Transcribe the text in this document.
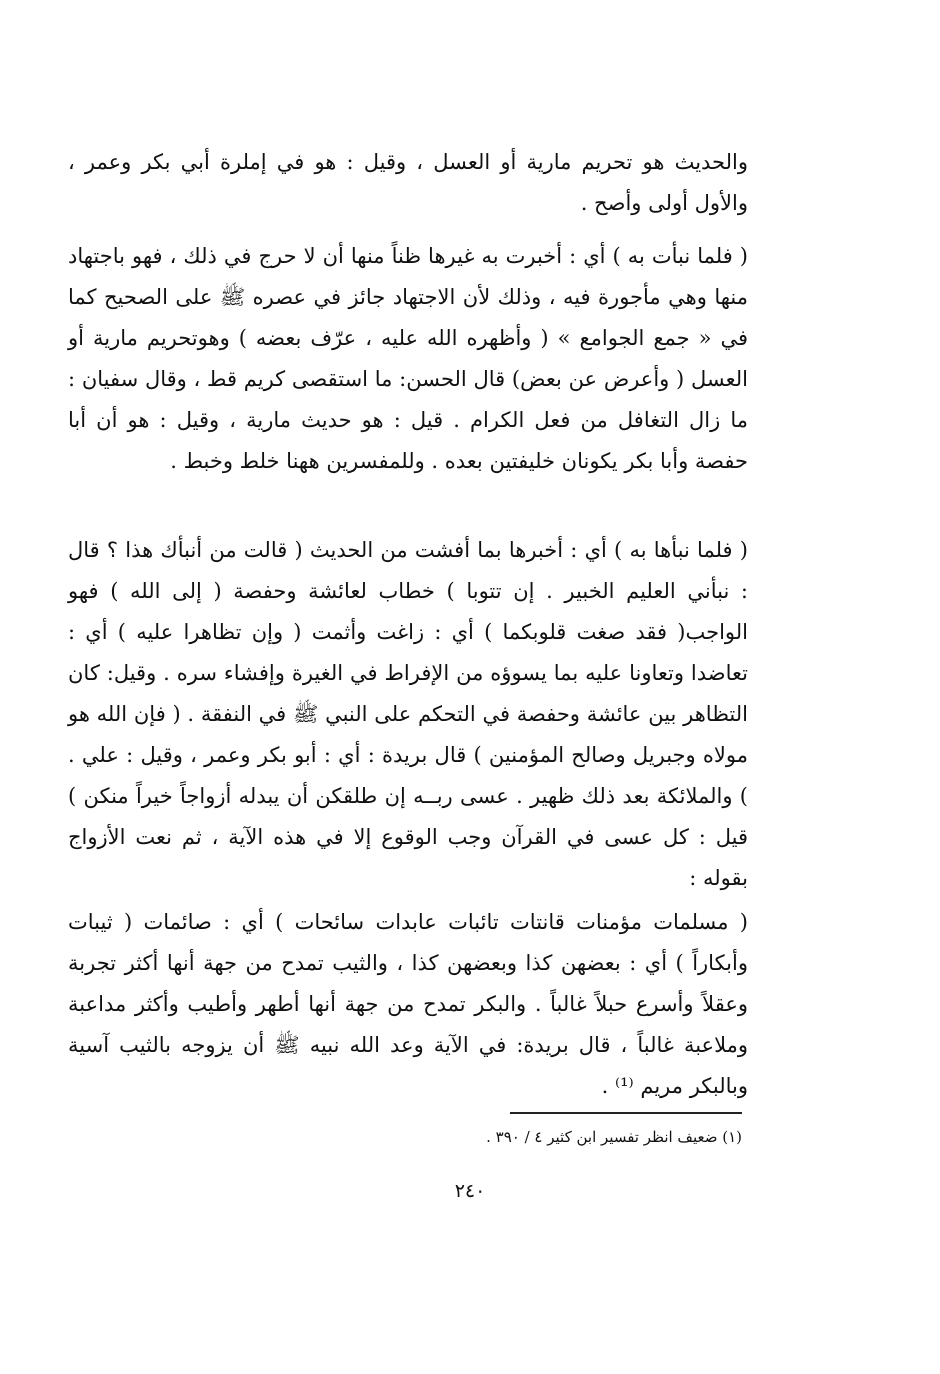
والحديث هو تحريم مارية أو العسل ، وقيل : هو في إملرة أبي بكر وعمر ، والأول أولى وأصح .

( فلما نبأت به ) أي : أخبرت به غيرها ظناً منها أن لا حرج في ذلك ، فهو باجتهاد منها وهي مأجورة فيه ، وذلك لأن الاجتهاد جائز في عصره ﷺ على الصحيح كما في « جمع الجوامع » ( وأظهره الله عليه ، عرّف بعضه ) وهوتحريم مارية أو العسل ( وأعرض عن بعض) قال الحسن: ما استقصى كريم قط ، وقال سفيان : ما زال التغافل من فعل الكرام . قيل : هو حديث مارية ، وقيل : هو أن أبا حفصة وأبا بكر يكونان خليفتين بعده . وللمفسرين ههنا خلط وخبط .

( فلما نبأها به ) أي : أخبرها بما أفشت من الحديث ( قالت من أنبأك هذا ؟ قال : نبأني العليم الخبير . إن تتوبا ) خطاب لعائشة وحفصة ( إلى الله ) فهو الواجب( فقد صغت قلوبكما ) أي : زاغت وأثمت ( وإن تظاهرا عليه ) أي : تعاضدا وتعاونا عليه بما يسوؤه من الإفراط في الغيرة وإفشاء سره . وقيل: كان التظاهر بين عائشة وحفصة في التحكم على النبي ﷺ في النفقة . ( فإن الله هو مولاه وجبريل وصالح المؤمنين ) قال بريدة : أي : أبو بكر وعمر ، وقيل : علي . ) والملائكة بعد ذلك ظهير . عسى ربــه إن طلقكن أن يبدله أزواجاً خيراً منكن ) قيل : كل عسى في القرآن وجب الوقوع إلا في هذه الآية ، ثم نعت الأزواج بقوله :

( مسلمات مؤمنات قانتات تائبات عابدات سائحات ) أي : صائمات ( ثيبات وأبكاراً ) أي : بعضهن كذا وبعضهن كذا ، والثيب تمدح من جهة أنها أكثر تجربة وعقلاً وأسرع حبلاً غالباً . والبكر تمدح من جهة أنها أطهر وأطيب وأكثر مداعبة وملاعبة غالباً ، قال بريدة: في الآية وعد الله نبيه ﷺ أن يزوجه بالثيب آسية وبالبكر مريم ⁽¹⁾ .

(١) ضعيف انظر تفسير ابن كثير ٤ / ٣٩٠ .
٢٤٠
